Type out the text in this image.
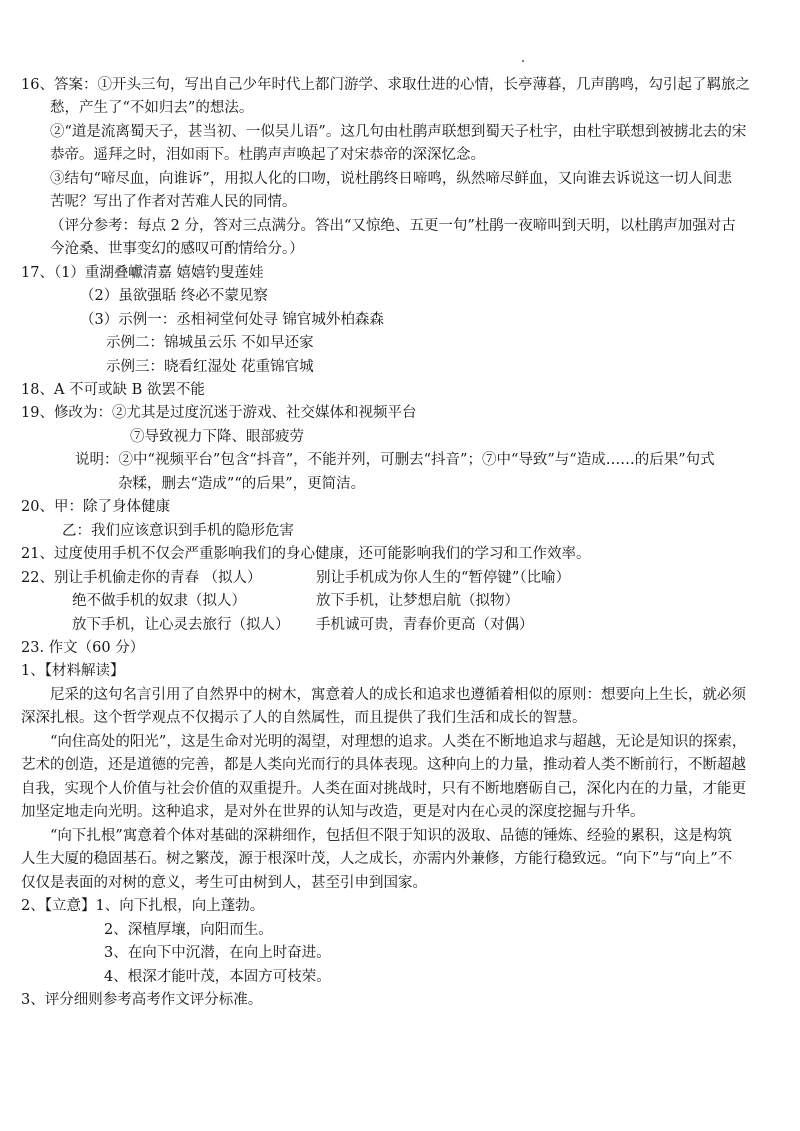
16、答案：①开头三句，写出自己少年时代上都门游学、求取仕进的心情，长亭薄暮，几声鹃鸣，勾引起了羁旅之
愁，产生了“不如归去”的想法。
②“道是流离蜀天子，甚当初、一似吴儿语”。这几句由杜鹃声联想到蜀天子杜宇，由杜宇联想到被掳北去的宋
恭帝。遥拜之时，泪如雨下。杜鹃声声唤起了对宋恭帝的深深忆念。
③结句“啼尽血，向谁诉”，用拟人化的口吻，说杜鹃终日啼鸣，纵然啼尽鲜血，又向谁去诉说这一切人间悲
苦呢？写出了作者对苦难人民的同情。
（评分参考：每点 2 分，答对三点满分。答出“又惊绝、五更一句”杜鹃一夜啼叫到天明，以杜鹃声加强对古
今沧桑、世事变幻的感叹可酌情给分。）
17、（1）重湖叠巘清嘉 嬉嬉钓叟莲娃
（2）虽欲强聒 终必不蒙见察
（3）示例一：丞相祠堂何处寻 锦官城外柏森森
示例二：锦城虽云乐 不如早还家
示例三：晓看红湿处 花重锦官城
18、A 不可或缺 B 欲罢不能
19、修改为：②尤其是过度沉迷于游戏、社交媒体和视频平台
⑦导致视力下降、眼部疲劳
说明：②中“视频平台”包含“抖音”，不能并列，可删去“抖音”；⑦中“导致”与“造成……的后果”句式
杂糅，删去“造成”“的后果”，更简洁。
20、甲：除了身体健康
乙：我们应该意识到手机的隐形危害
21、过度使用手机不仅会严重影响我们的身心健康，还可能影响我们的学习和工作效率。
22、别让手机偷走你的青春 （拟人）	别让手机成为你人生的“暂停键”（比喻）
绝不做手机的奴隶（拟人）	放下手机，让梦想启航（拟物）
放下手机，让心灵去旅行（拟人） 手机诚可贵，青春价更高（对偶）
23. 作文（60 分）
1、【材料解读】
尼采的这句名言引用了自然界中的树木，寓意着人的成长和追求也遵循着相似的原则：想要向上生长，就必须
深深扎根。这个哲学观点不仅揭示了人的自然属性，而且提供了我们生活和成长的智慧。
“向住高处的阳光”，这是生命对光明的渴望，对理想的追求。人类在不断地追求与超越，无论是知识的探索，
艺术的创造，还是道德的完善，都是人类向光而行的具体表现。这种向上的力量，推动着人类不断前行，不断超越
自我，实现个人价值与社会价值的双重提升。人类在面对挑战时，只有不断地磨砺自己，深化内在的力量，才能更
加坚定地走向光明。这种追求，是对外在世界的认知与改造，更是对内在心灵的深度挖掘与升华。
“向下扎根”寓意着个体对基础的深耕细作，包括但不限于知识的汲取、品德的锤炼、经验的累积，这是构筑
人生大厦的稳固基石。树之繁茂，源于根深叶茂，人之成长，亦需内外兼修，方能行稳致远。“向下”与“向上”不
仅仅是表面的对树的意义，考生可由树到人，甚至引申到国家。
2、【立意】1、向下扎根，向上蓬勃。
2、深植厚壤，向阳而生。
3、在向下中沉潜，在向上时奋进。
4、根深才能叶茂，本固方可枝荣。
3、评分细则参考高考作文评分标准。
